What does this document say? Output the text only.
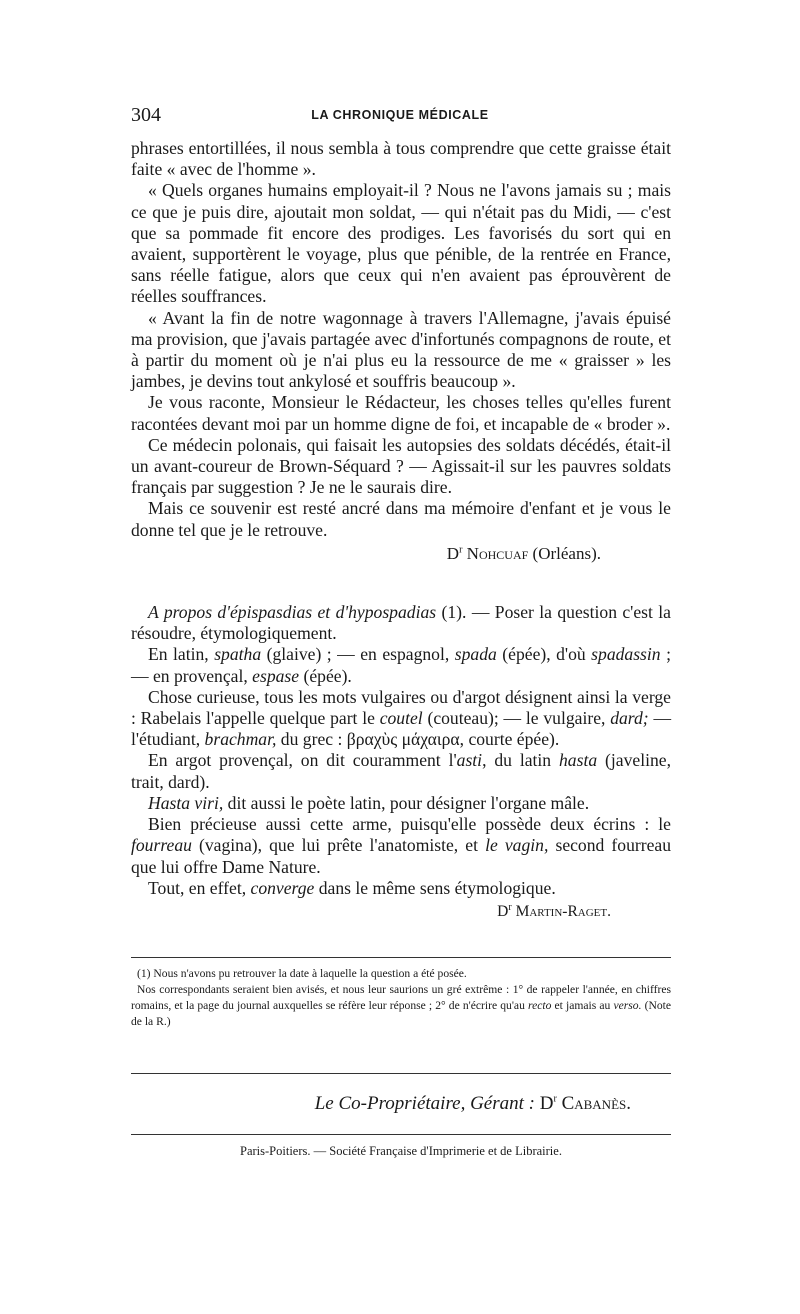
304	LA CHRONIQUE MÉDICALE

phrases entortillées, il nous sembla à tous comprendre que cette graisse était faite « avec de l'homme ».

« Quels organes humains employait-il ? Nous ne l'avons jamais su ; mais ce que je puis dire, ajoutait mon soldat, — qui n'était pas du Midi, — c'est que sa pommade fit encore des prodiges. Les favorisés du sort qui en avaient, supportèrent le voyage, plus que pénible, de la rentrée en France, sans réelle fatigue, alors que ceux qui n'en avaient pas éprouvèrent de réelles souffrances.

« Avant la fin de notre wagonnage à travers l'Allemagne, j'avais épuisé ma provision, que j'avais partagée avec d'infortunés compagnons de route, et à partir du moment où je n'ai plus eu la ressource de me « graisser » les jambes, je devins tout ankylosé et souffris beaucoup ».

Je vous raconte, Monsieur le Rédacteur, les choses telles qu'elles furent racontées devant moi par un homme digne de foi, et incapable de « broder ».

Ce médecin polonais, qui faisait les autopsies des soldats décédés, était-il un avant-coureur de Brown-Séquard ? — Agissait-il sur les pauvres soldats français par suggestion ? Je ne le saurais dire.

Mais ce souvenir est resté ancré dans ma mémoire d'enfant et je vous le donne tel que je le retrouve.

$D^r$ Nohcuaf (Orléans).

A propos d'épispasdias et d'hypospadias (1). — Poser la question c'est la résoudre, étymologiquement.

En latin, spatha (glaive) ; — en espagnol, spada (épée), d'où spadassin ; — en provençal, espase (épée).

Chose curieuse, tous les mots vulgaires ou d'argot désignent ainsi la verge : Rabelais l'appelle quelque part le coutel (couteau); — le vulgaire, dard; — l'étudiant, brachmar, du grec : βραχὺς μάχαιρα, courte épée).

En argot provençal, on dit couramment l'asti, du latin hasta (javeline, trait, dard).

Hasta viri, dit aussi le poète latin, pour désigner l'organe mâle.

Bien précieuse aussi cette arme, puisqu'elle possède deux écrins : le fourreau (vagina), que lui prête l'anatomiste, et le vagin, second fourreau que lui offre Dame Nature.

Tout, en effet, converge dans le même sens étymologique.

$D^r$ Martin-Raget.

(1) Nous n'avons pu retrouver la date à laquelle la question a été posée.

Nos correspondants seraient bien avisés, et nous leur saurions un gré extrême : 1° de rappeler l'année, en chiffres romains, et la page du journal auxquelles se réfère leur réponse ; 2° de n'écrire qu'au recto et jamais au verso. (Note de la R.)

Le Co-Propriétaire, Gérant : $D^r$ Cabanès.
Paris-Poitiers. — Société Française d'Imprimerie et de Librairie.
